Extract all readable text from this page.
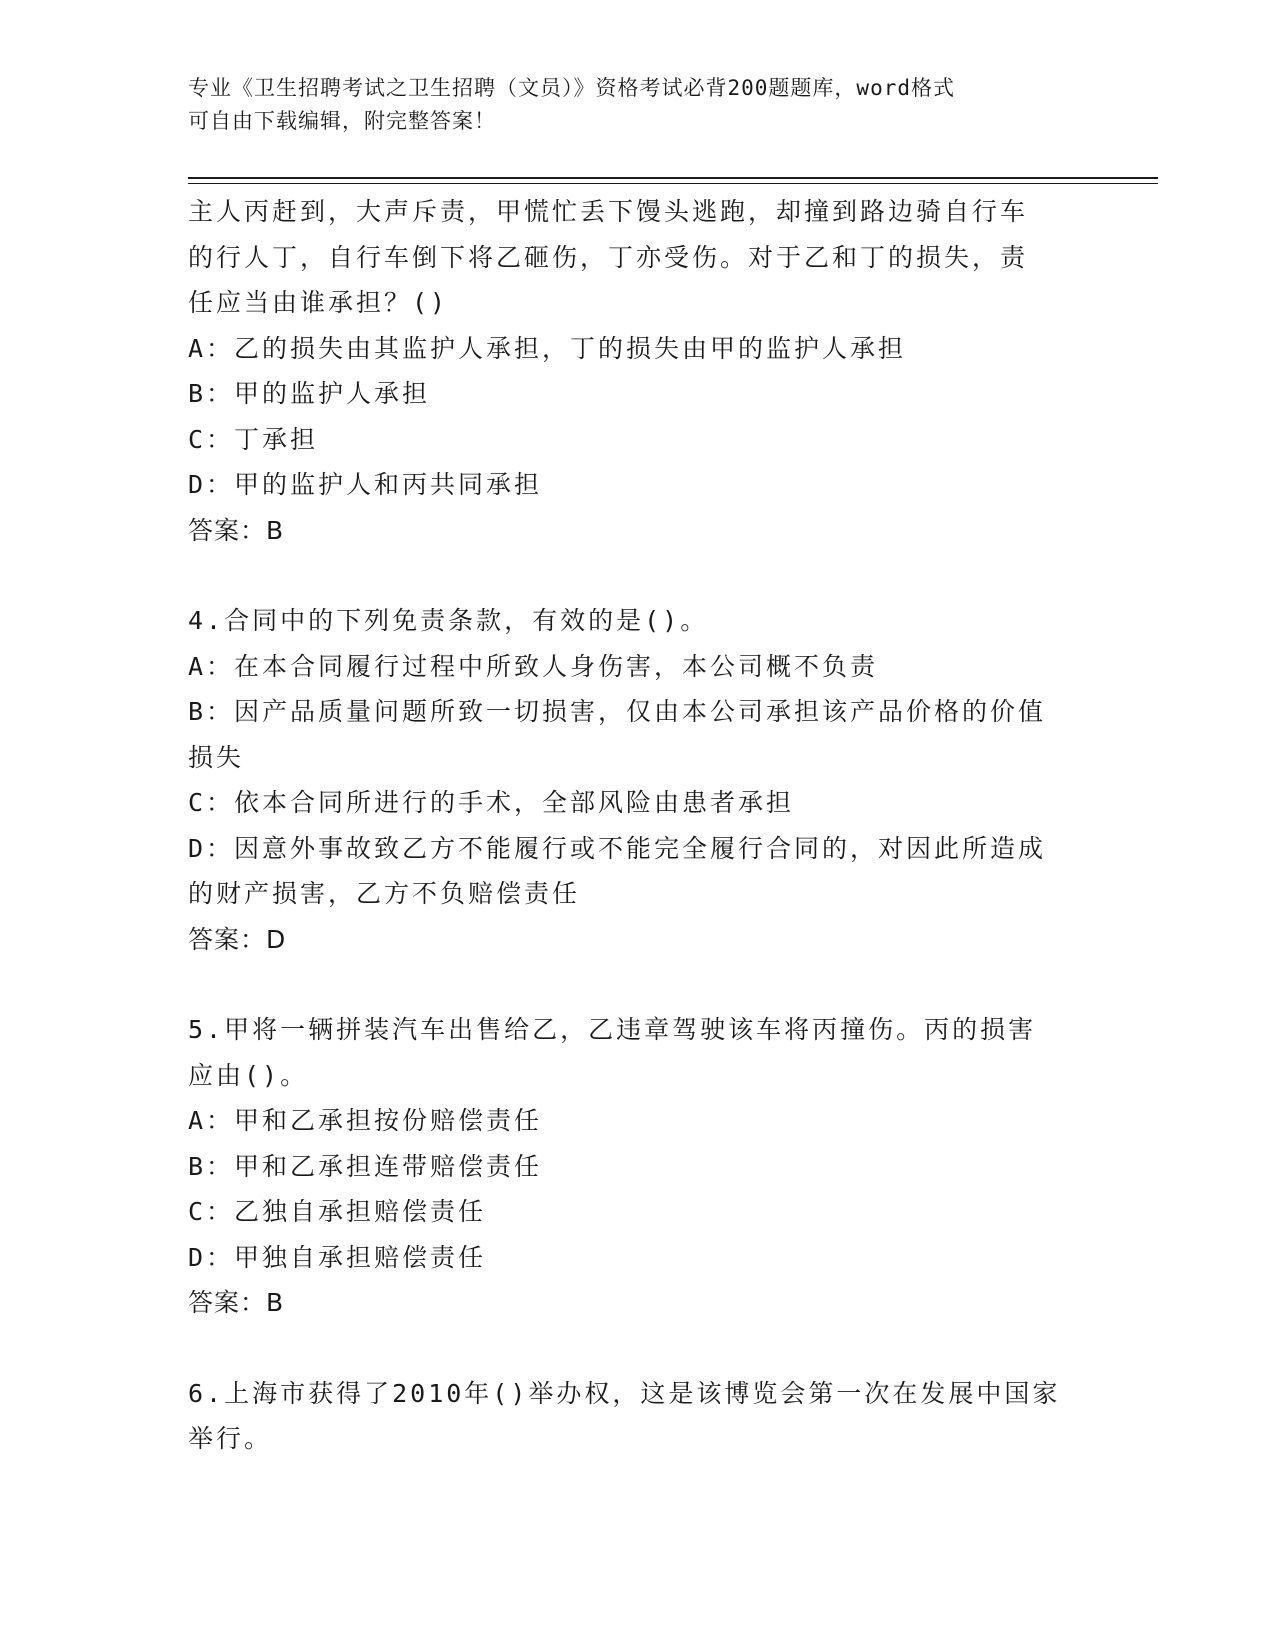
专业《卫生招聘考试之卫生招聘（文员）》资格考试必背200题题库，word格式
可自由下载编辑，附完整答案！
主人丙赶到，大声斥责，甲慌忙丢下馒头逃跑，却撞到路边骑自行车
的行人丁，自行车倒下将乙砸伤，丁亦受伤。对于乙和丁的损失，责
任应当由谁承担？()
A：乙的损失由其监护人承担，丁的损失由甲的监护人承担
B：甲的监护人承担
C：丁承担
D：甲的监护人和丙共同承担
答案：B
4.合同中的下列免责条款，有效的是()。
A：在本合同履行过程中所致人身伤害，本公司概不负责
B：因产品质量问题所致一切损害，仅由本公司承担该产品价格的价值
损失
C：依本合同所进行的手术，全部风险由患者承担
D：因意外事故致乙方不能履行或不能完全履行合同的，对因此所造成
的财产损害，乙方不负赔偿责任
答案：D
5.甲将一辆拼装汽车出售给乙，乙违章驾驶该车将丙撞伤。丙的损害
应由()。
A：甲和乙承担按份赔偿责任
B：甲和乙承担连带赔偿责任
C：乙独自承担赔偿责任
D：甲独自承担赔偿责任
答案：B
6.上海市获得了2010年()举办权，这是该博览会第一次在发展中国家
举行。
